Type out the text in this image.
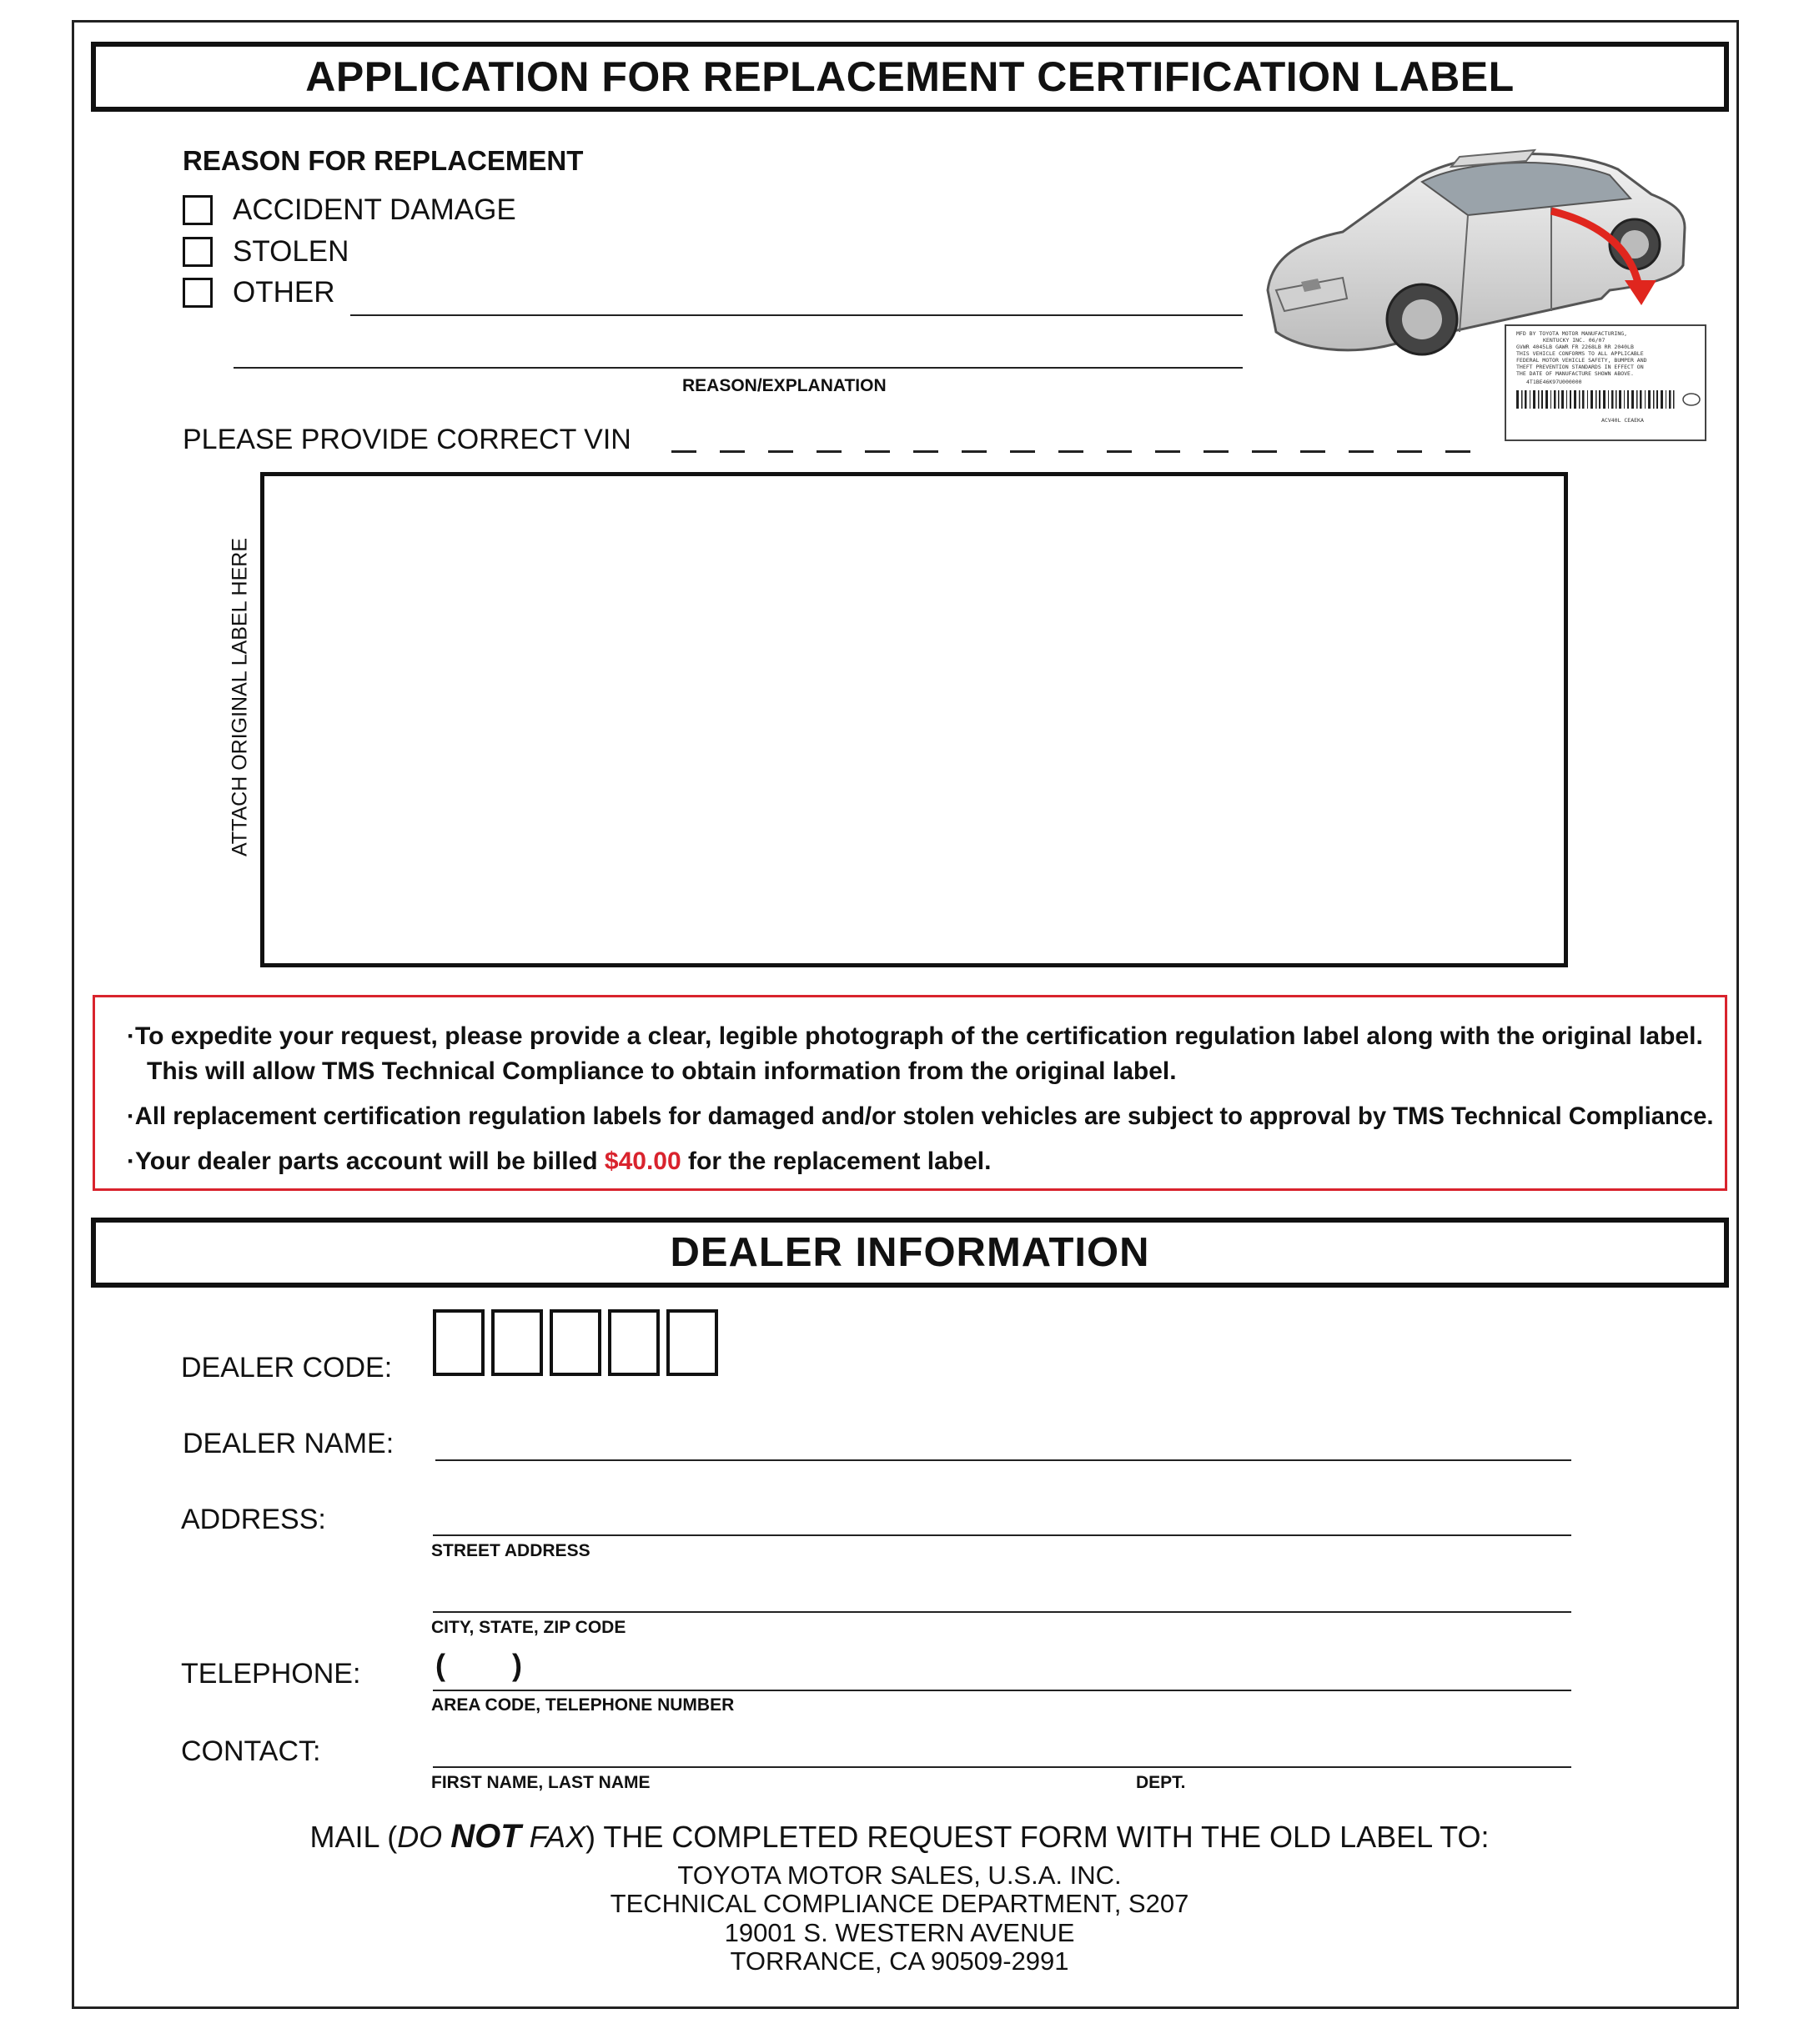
APPLICATION FOR REPLACEMENT CERTIFICATION LABEL
REASON FOR REPLACEMENT
ACCIDENT DAMAGE
STOLEN
OTHER
REASON/EXPLANATION
MFD BY TOYOTA MOTOR MANUFACTURING, KENTUCKY INC. 06/07 GVWR 4045LB GAWR FR 2268LB RR 2040LB THIS VEHICLE CONFORMS TO ALL APPLICABLE FEDERAL MOTOR VEHICLE SAFETY, BUMPER AND THEFT PREVENTION STANDARDS IN EFFECT ON THE DATE OF MANUFACTURE SHOWN ABOVE. 4T1BE46K97U000000 ACV40L CEAEKA
PLEASE PROVIDE CORRECT VIN
ATTACH ORIGINAL LABEL HERE
·To expedite your request, please provide a clear, legible photograph of the certification regulation label along with the original label.
This will allow TMS Technical Compliance to obtain information from the original label.
·All replacement certification regulation labels for damaged and/or stolen vehicles are subject to approval by TMS Technical Compliance.
·Your dealer parts account will be billed $40.00 for the replacement label.
DEALER INFORMATION
DEALER CODE:
DEALER NAME:
ADDRESS:
STREET ADDRESS
CITY, STATE, ZIP CODE
TELEPHONE: (        )
AREA CODE, TELEPHONE NUMBER
CONTACT:
FIRST NAME, LAST NAME	DEPT.
MAIL (DO NOT FAX) THE COMPLETED REQUEST FORM WITH THE OLD LABEL TO:
TOYOTA MOTOR SALES, U.S.A. INC.
TECHNICAL COMPLIANCE DEPARTMENT, S207
19001 S. WESTERN AVENUE
TORRANCE, CA 90509-2991
